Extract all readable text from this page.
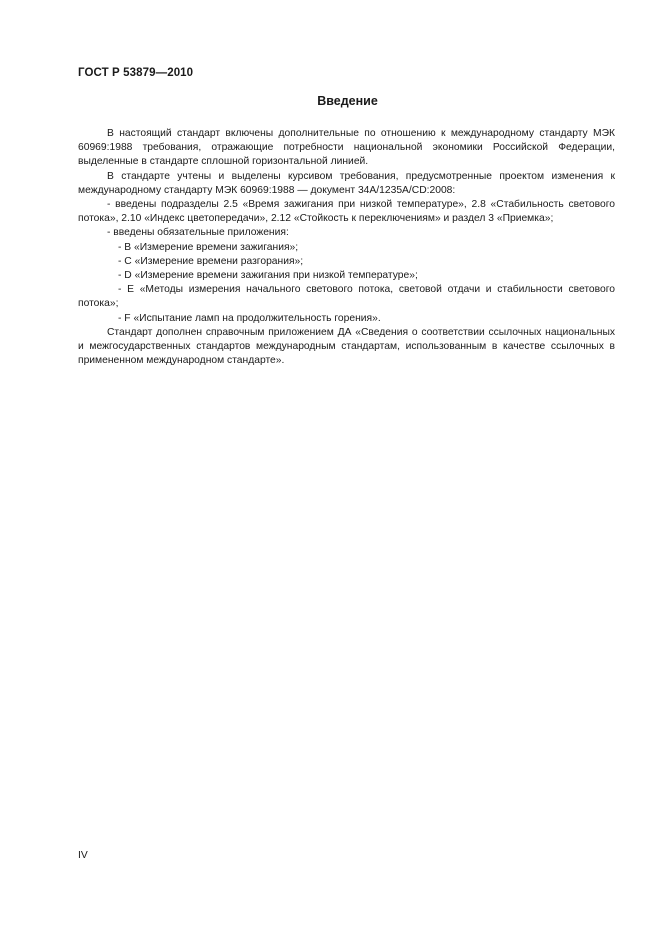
ГОСТ Р 53879—2010
Введение

В настоящий стандарт включены дополнительные по отношению к международному стандарту МЭК 60969:1988 требования, отражающие потребности национальной экономики Российской Федерации, выделенные в стандарте сплошной горизонтальной линией.

В стандарте учтены и выделены курсивом требования, предусмотренные проектом изменения к международному стандарту МЭК 60969:1988 — документ 34А/1235А/CD:2008:

- введены подразделы 2.5 «Время зажигания при низкой температуре», 2.8 «Стабильность светового потока», 2.10 «Индекс цветопередачи», 2.12 «Стойкость к переключениям» и раздел 3 «Приемка»;

- введены обязательные приложения:

- В «Измерение времени зажигания»;

- С «Измерение времени разгорания»;

- D «Измерение времени зажигания при низкой температуре»;

- Е «Методы измерения начального светового потока, световой отдачи и стабильности светового потока»;

- F «Испытание ламп на продолжительность горения».

Стандарт дополнен справочным приложением ДА «Сведения о соответствии ссылочных национальных и межгосударственных стандартов международным стандартам, использованным в качестве ссылочных в примененном международном стандарте».

IV
